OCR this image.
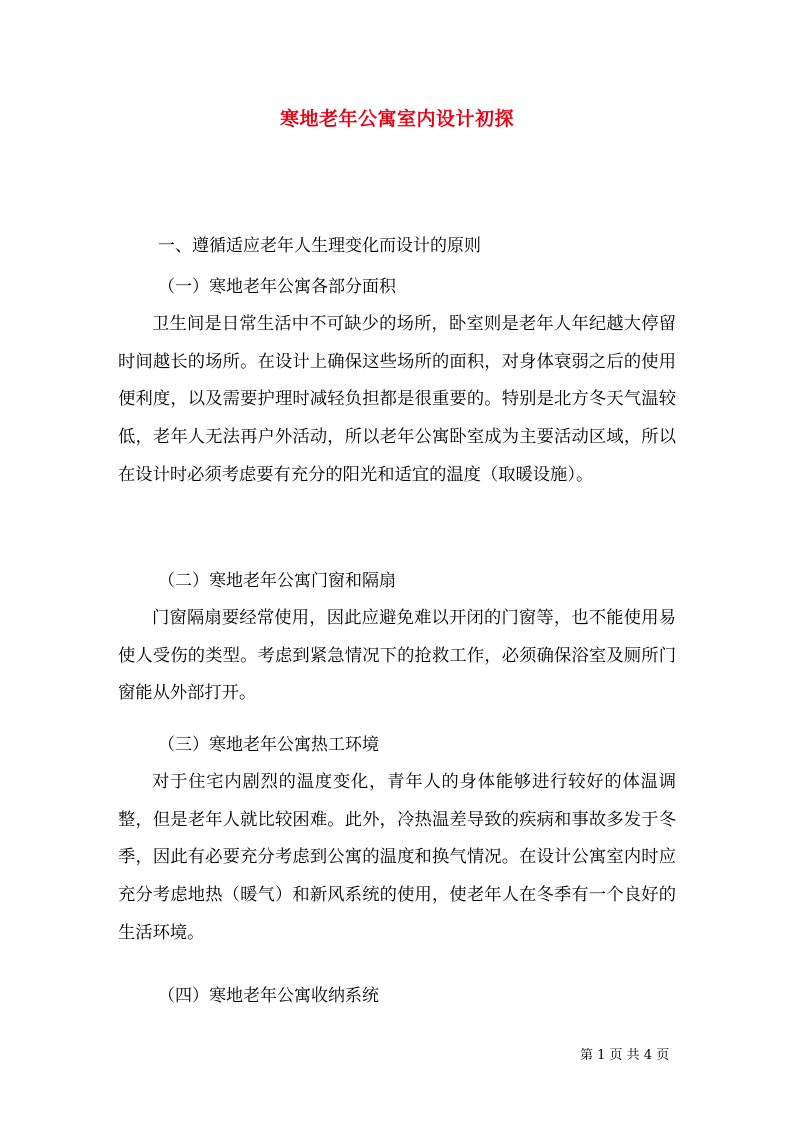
寒地老年公寓室内设计初探
一、遵循适应老年人生理变化而设计的原则
（一）寒地老年公寓各部分面积
卫生间是日常生活中不可缺少的场所，卧室则是老年人年纪越大停留时间越长的场所。在设计上确保这些场所的面积，对身体衰弱之后的使用便利度，以及需要护理时减轻负担都是很重要的。特别是北方冬天气温较低，老年人无法再户外活动，所以老年公寓卧室成为主要活动区域，所以在设计时必须考虑要有充分的阳光和适宜的温度（取暖设施）。
（二）寒地老年公寓门窗和隔扇
门窗隔扇要经常使用，因此应避免难以开闭的门窗等，也不能使用易使人受伤的类型。考虑到紧急情况下的抢救工作，必须确保浴室及厕所门窗能从外部打开。
（三）寒地老年公寓热工环境
对于住宅内剧烈的温度变化，青年人的身体能够进行较好的体温调整，但是老年人就比较困难。此外，冷热温差导致的疾病和事故多发于冬季，因此有必要充分考虑到公寓的温度和换气情况。在设计公寓室内时应充分考虑地热（暖气）和新风系统的使用，使老年人在冬季有一个良好的生活环境。
（四）寒地老年公寓收纳系统
第 1 页 共 4 页
